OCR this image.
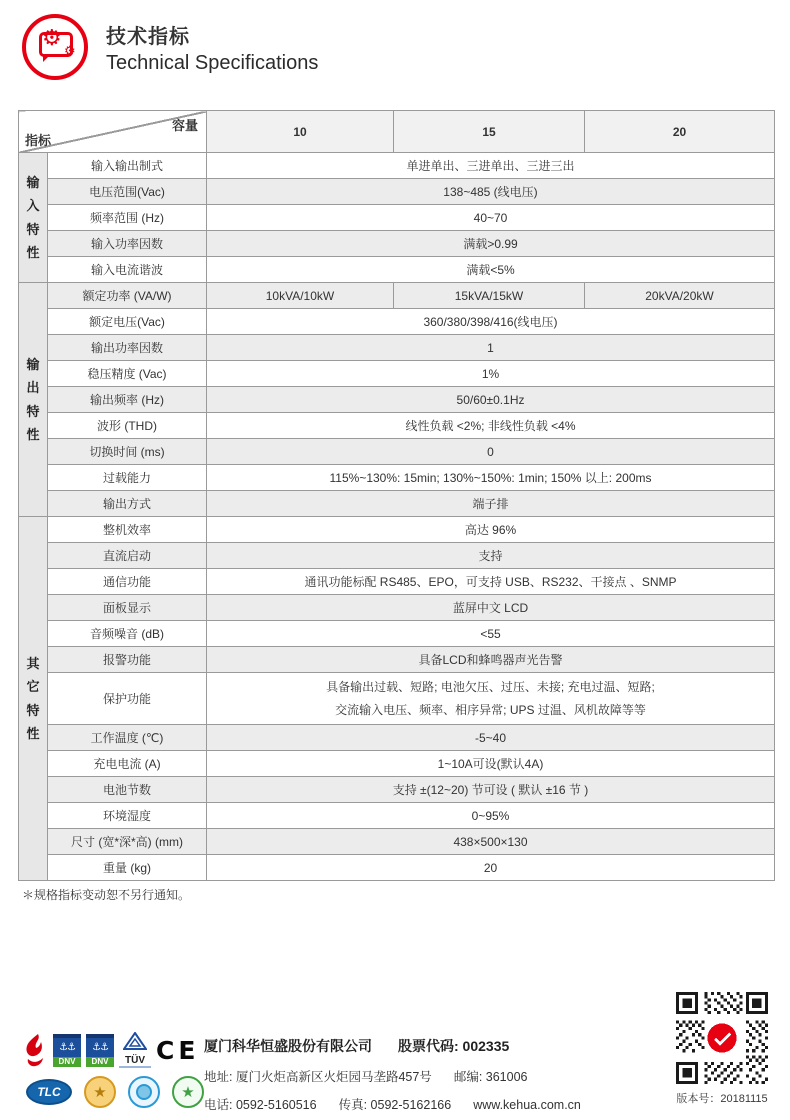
⚙
⚙
技术指标
Technical Specifications
容量
指标		10	15	20

输入特性	输入输出制式	单进单出、三进单出、三进三出		
	电压范围(Vac)	138~485 (线电压)		
	频率范围 (Hz)	40~70		
	输入功率因数	满载>0.99		
	输入电流谐波	满载<5%		

输出特性	额定功率 (VA/W)	10kVA/10kW	15kVA/15kW	20kVA/20kW
	额定电压(Vac)	360/380/398/416(线电压)		
	输出功率因数	1		
	稳压精度 (Vac)	1%		
	输出频率 (Hz)	50/60±0.1Hz		
	波形 (THD)	线性负载 <2%; 非线性负载 <4%		
	切换时间 (ms)	0		
	过载能力	115%~130%: 15min; 130%~150%: 1min; 150% 以上: 200ms		
	输出方式	端子排		

其它特性	整机效率	高达 96%		
	直流启动	支持		
	通信功能	通讯功能标配 RS485、EPO，可支持 USB、RS232、干接点 、SNMP		
	面板显示	蓝屏中文 LCD		
	音频噪音 (dB)	<55		
	报警功能	具备LCD和蜂鸣器声光告警		
	保护功能	具备输出过载、短路; 电池欠压、过压、未接; 充电过温、短路;
交流输入电压、频率、相序异常; UPS 过温、风机故障等等		

	工作温度 (℃)	-5~40		
	充电电流 (A)	1~10A可设(默认4A)		
	电池节数	支持 ±(12~20) 节可设 ( 默认 ±16 节 )		
	环境湿度	0~95%		
	尺寸 (宽*深*高) (mm)	438×500×130		
	重量 (kg)	20		
＊规格指标变动恕不另行通知。
⚓⚓
DNV
⚓⚓
DNV	TÜV CE
TLC	★	★
厦门科华恒盛股份有限公司 股票代码: 002335
地址: 厦门火炬高新区火炬园马垄路457号 邮编: 361006
电话: 0592-5160516 传真: 0592-5162166 www.kehua.com.cn	版本号：20181115
